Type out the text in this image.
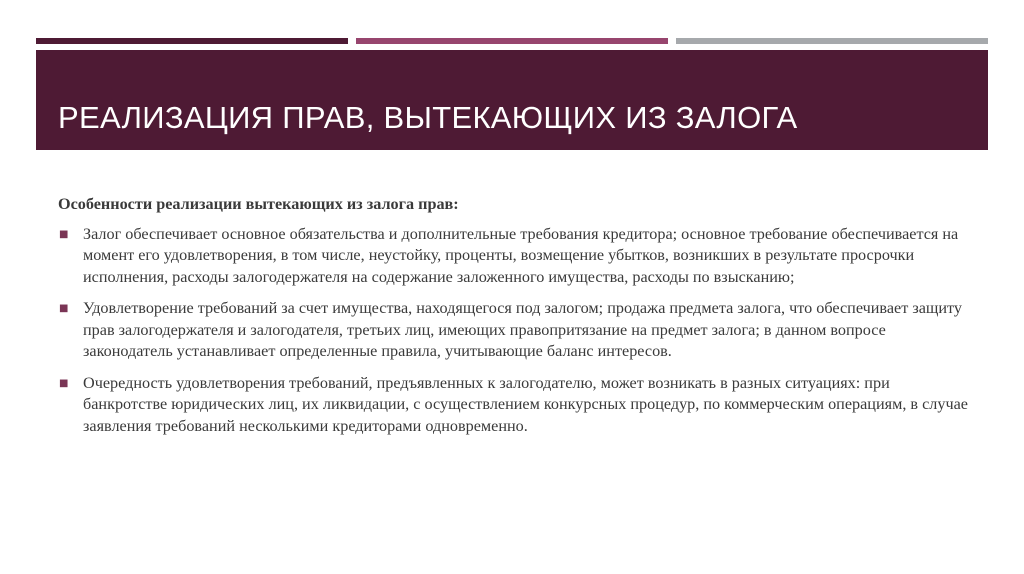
РЕАЛИЗАЦИЯ ПРАВ, ВЫТЕКАЮЩИХ ИЗ ЗАЛОГА

Особенности реализации вытекающих из залога прав:

■ Залог обеспечивает основное обязательства и дополнительные требования кредитора; основное требование обеспечивается на момент его удовлетворения, в том числе, неустойку, проценты, возмещение убытков, возникших в результате просрочки исполнения, расходы залогодержателя на содержание заложенного имущества, расходы по взысканию;
■ Удовлетворение требований за счет имущества, находящегося под залогом; продажа предмета залога, что обеспечивает защиту прав залогодержателя и залогодателя, третьих лиц, имеющих правопритязание на предмет залога; в данном вопросе законодатель устанавливает определенные правила, учитывающие баланс интересов.
■ Очередность удовлетворения требований, предъявленных к залогодателю, может возникать в разных ситуациях: при банкротстве юридических лиц, их ликвидации, с осуществлением конкурсных процедур, по коммерческим операциям, в случае заявления требований несколькими кредиторами одновременно.
